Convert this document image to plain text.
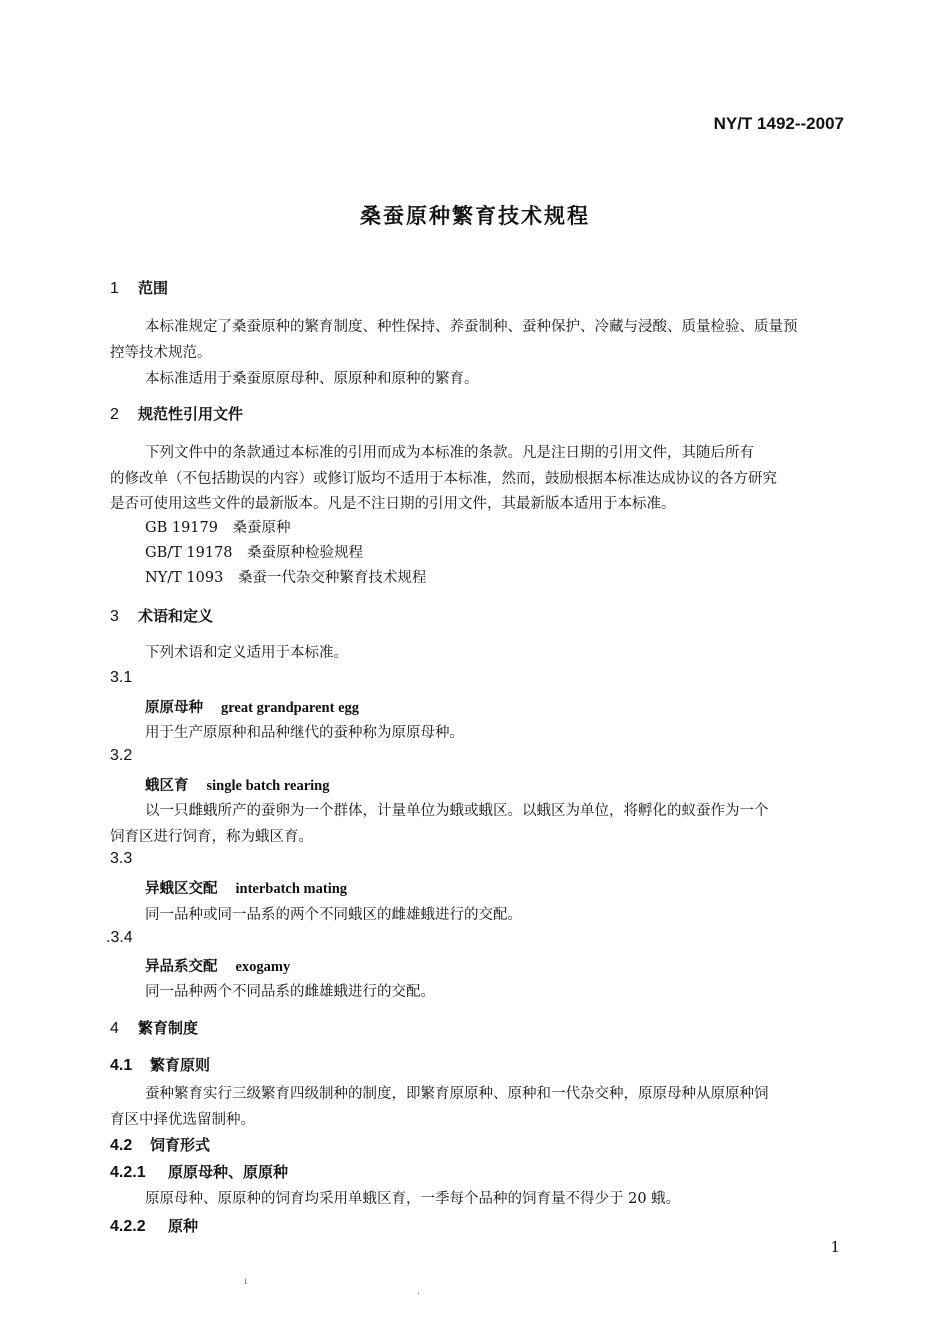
NY/T 1492--2007
桑蚕原种繁育技术规程
1 范围
本标准规定了桑蚕原种的繁育制度、种性保持、养蚕制种、蚕种保护、冷藏与浸酸、质量检验、质量预
控等技术规范。
本标准适用于桑蚕原原母种、原原种和原种的繁育。
2 规范性引用文件
下列文件中的条款通过本标准的引用而成为本标准的条款。凡是注日期的引用文件，其随后所有
的修改单（不包括勘误的内容）或修订版均不适用于本标准，然而，鼓励根据本标准达成协议的各方研究
是否可使用这些文件的最新版本。凡是不注日期的引用文件，其最新版本适用于本标准。
GB 19179　桑蚕原种
GB/T 19178　桑蚕原种检验规程
NY/T 1093　桑蚕一代杂交种繁育技术规程
3 术语和定义
下列术语和定义适用于本标准。
3.1
原原母种 great grandparent egg
用于生产原原种和品种继代的蚕种称为原原母种。
3.2
蛾区育 single batch rearing
以一只雌蛾所产的蚕卵为一个群体，计量单位为蛾或蛾区。以蛾区为单位，将孵化的蚁蚕作为一个
饲育区进行饲育，称为蛾区育。
3.3
异蛾区交配 interbatch mating
同一品种或同一品系的两个不同蛾区的雌雄蛾进行的交配。
.3.4
异品系交配 exogamy
同一品种两个不同品系的雌雄蛾进行的交配。
4 繁育制度
4.1 繁育原则
蚕种繁育实行三级繁育四级制种的制度，即繁育原原种、原种和一代杂交种，原原母种从原原种饲
育区中择优选留制种。
4.2 饲育形式
4.2.1 原原母种、原原种
原原母种、原原种的饲育均采用单蛾区育，一季每个品种的饲育量不得少于 20 蛾。
4.2.2 原种
1
ı
.
